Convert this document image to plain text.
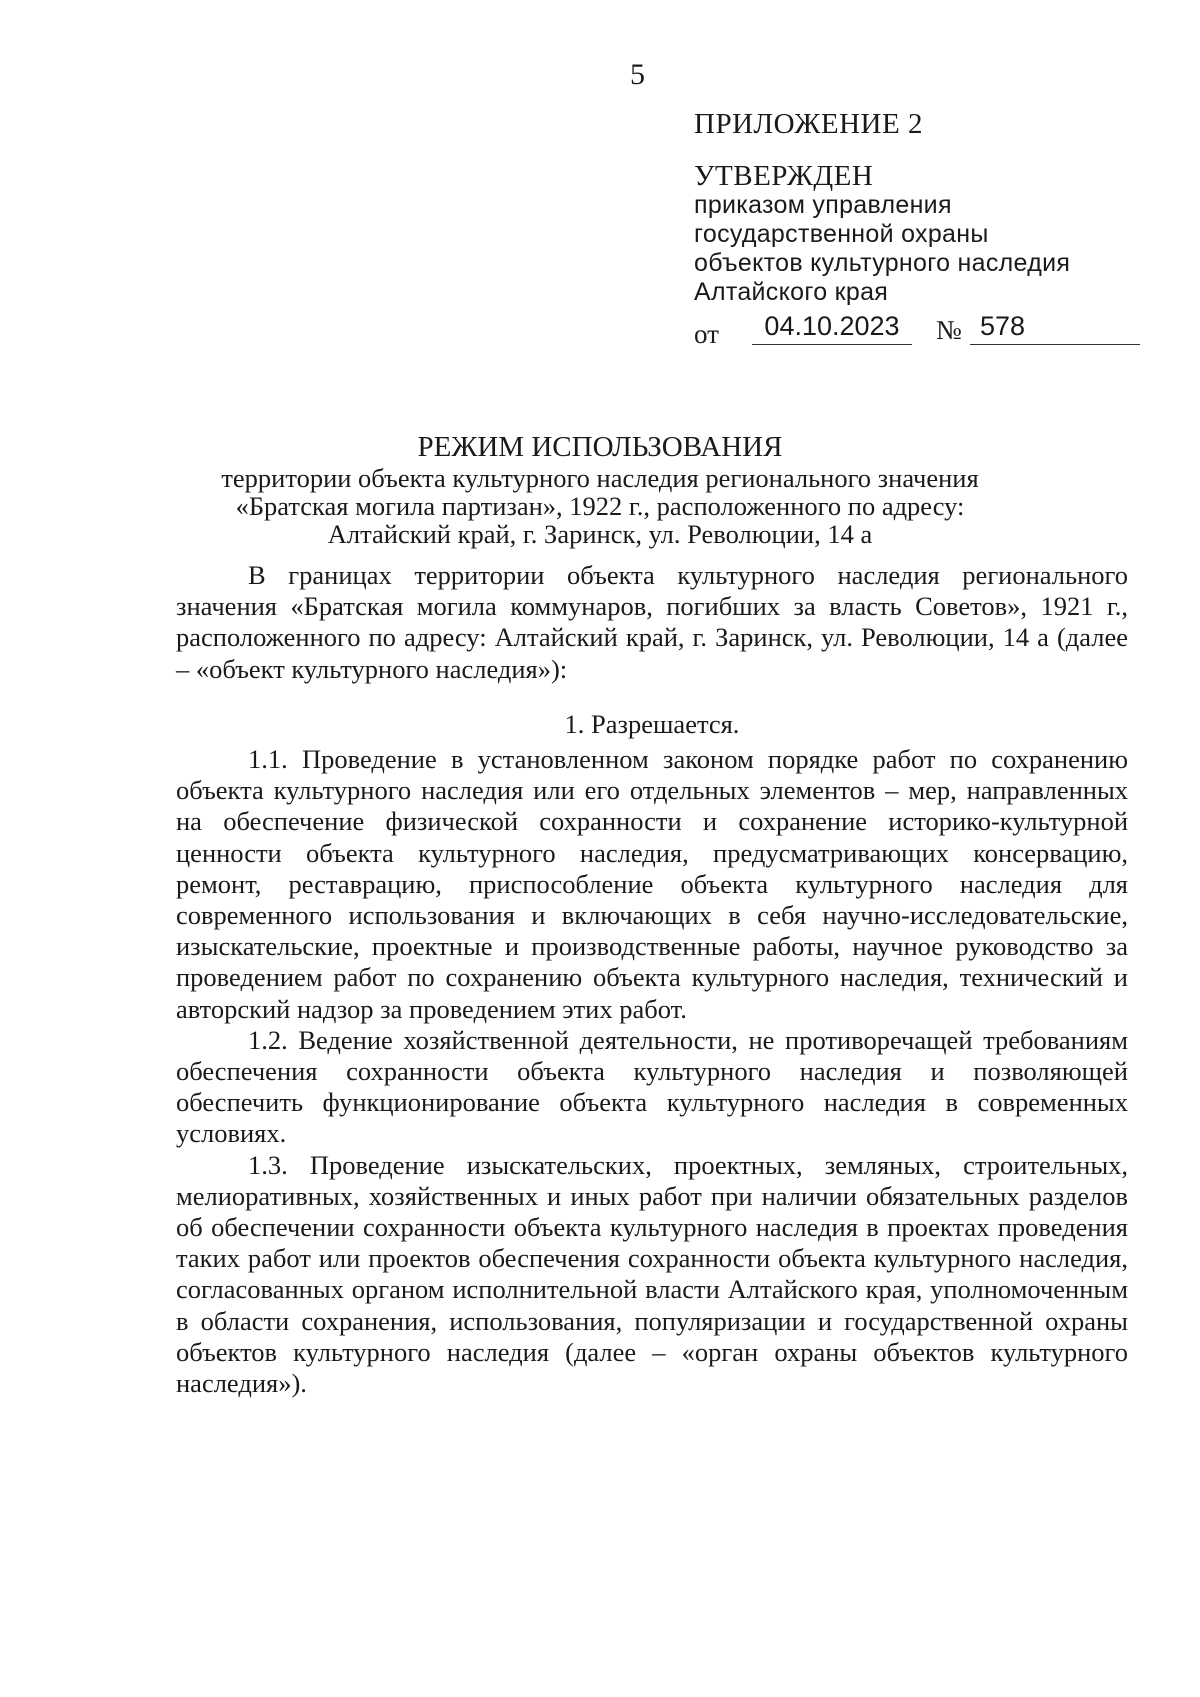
5
ПРИЛОЖЕНИЕ 2
УТВЕРЖДЕН
приказом управления
государственной охраны
объектов культурного наследия
Алтайского края
от	04.10.2023	№ 578
РЕЖИМ ИСПОЛЬЗОВАНИЯ
территории объекта культурного наследия регионального значения
«Братская могила партизан», 1922 г., расположенного по адресу:
Алтайский край, г. Заринск, ул. Революции, 14 а

В границах территории объекта культурного наследия регионального значения «Братская могила коммунаров, погибших за власть Советов», 1921 г., расположенного по адресу: Алтайский край, г. Заринск, ул. Революции, 14 а (далее – «объект культурного наследия»):

1. Разрешается.

1.1. Проведение в установленном законом порядке работ по сохранению объекта культурного наследия или его отдельных элементов – мер, направленных на обеспечение физической сохранности и сохранение историко-культурной ценности объекта культурного наследия, предусматривающих консервацию, ремонт, реставрацию, приспособление объекта культурного наследия для современного использования и включающих в себя научно-исследовательские, изыскательские, проектные и производственные работы, научное руководство за проведением работ по сохранению объекта культурного наследия, технический и авторский надзор за проведением этих работ.

1.2. Ведение хозяйственной деятельности, не противоречащей требованиям обеспечения сохранности объекта культурного наследия и позволяющей обеспечить функционирование объекта культурного наследия в современных условиях.

1.3. Проведение изыскательских, проектных, земляных, строительных, мелиоративных, хозяйственных и иных работ при наличии обязательных разделов об обеспечении сохранности объекта культурного наследия в проектах проведения таких работ или проектов обеспечения сохранности объекта культурного наследия, согласованных органом исполнительной власти Алтайского края, уполномоченным в области сохранения, использования, популяризации и государственной охраны объектов культурного наследия (далее – «орган охраны объектов культурного наследия»).
